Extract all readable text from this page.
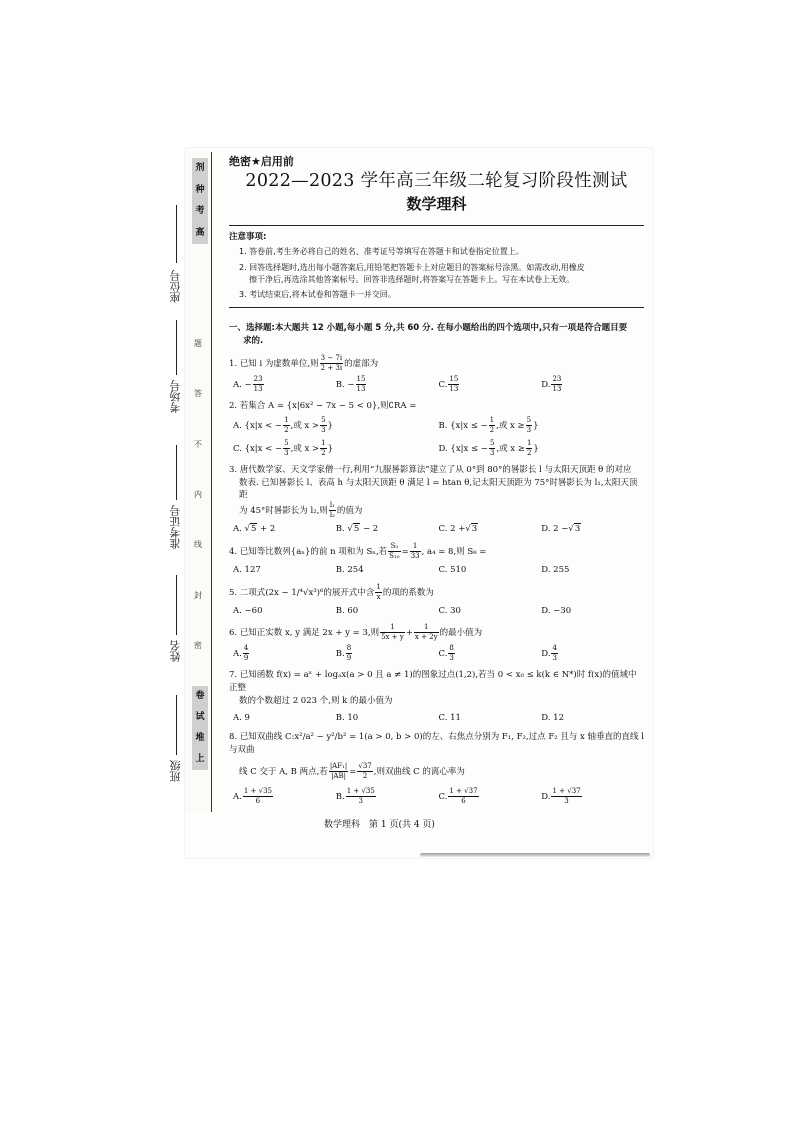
剂
种
考
高
卷
试
堆
上
题
答
不
内
线
封
密
座位号
考场号
准考证号
姓名
班级
绝密★启用前
2022—2023 学年高三年级二轮复习阶段性测试
数学理科
注意事项:
1. 答卷前,考生务必将自己的姓名、准考证号等填写在答题卡和试卷指定位置上。
2. 回答选择题时,选出每小题答案后,用铅笔把答题卡上对应题目的答案标号涂黑。如需改动,用橡皮
擦干净后,再选涂其他答案标号。回答非选择题时,将答案写在答题卡上。写在本试卷上无效。
3. 考试结束后,将本试卷和答题卡一并交回。
一、选择题:本大题共 12 小题,每小题 5 分,共 60 分. 在每小题给出的四个选项中,只有一项是符合题目要
求的.
1. 已知 i 为虚数单位,则 $\frac{3 - 7i}{2 + 3i}$ 的虚部为
A. − $\frac{23}{13}$	B. − $\frac{15}{13}$	C. $\frac{15}{13}$	D. $\frac{23}{13}$
2. 若集合 A = {x|6x² − 7x − 5 < 0},则∁RA =
A. {x|x < − $\frac{1}{2}$ ,或 $x > \frac{5}{3}$ }	B. {x|x ≤ − $\frac{1}{2}$ ,或 $x \ge \frac{5}{3}$ }
C. {x|x < − $\frac{5}{3}$ ,或 $x > \frac{1}{2}$ }	D. {x|x ≤ − $\frac{5}{3}$ ,或 $x \ge \frac{1}{2}$ }
3. 唐代数学家、天文学家僧一行,利用“九服晷影算法”建立了从 0°到 80°的晷影长 l 与太阳天顶距 θ 的对应
数表. 已知晷影长 l、表高 h 与太阳天顶距 θ 满足 l = htan θ,记太阳天顶距为 75°时晷影长为 l₁,太阳天顶距
为 45°时晷影长为 l₂,则 $\frac{\text{l₁}}{\text{l₂}}$ 的值为
A. √5 + 2	B. √5 − 2	C. 2 +√3	D. 2 −√3
4. 已知等比数列{aₙ}的前 n 项和为 Sₙ,若 $\frac{\text{S₅}}{\text{S₁₀}} = \frac{1}{33}$ , a₄ = 8,则 S₈ =
A. 127	B. 254	C. 510	D. 255
5. 二项式(2x − 1/⁴√x³)⁶的展开式中含 $\frac{1}{x}$ 的项的系数为
A. −60	B. 60	C. 30	D. −30
6. 已知正实数 x, y 满足 2x + y = 3,则 $\frac{1}{5x + y} + \frac{1}{x + 2y}$ 的最小值为
A. $\frac{4}{9}$	B. $\frac{8}{9}$	C. $\frac{8}{3}$	D. $\frac{4}{3}$
7. 已知函数 f(x) = aˣ + logₐx(a > 0 且 a ≠ 1)的图象过点(1,2),若当 0 < x₀ ≤ k(k ∈ N*)时 f(x)的值域中正整
数的个数超过 2 023 个,则 k 的最小值为
A. 9	B. 10	C. 11	D. 12
8. 已知双曲线 C:x²/a² − y²/b² = 1(a > 0, b > 0)的左、右焦点分别为 F₁, F₂,过点 F₂ 且与 x 轴垂直的直线 l 与双曲
线 C 交于 A, B 两点,若 $\frac{\text{|AF₁|}}{|AB|} = \frac{√37}{2}$ ,则双曲线 C 的离心率为
A. $\frac{1 + √35}{6}$	B. $\frac{1 + √35}{3}$	C. $\frac{1 + √37}{6}$	D. $\frac{1 + √37}{3}$
数学理科　第 1 页(共 4 页)
